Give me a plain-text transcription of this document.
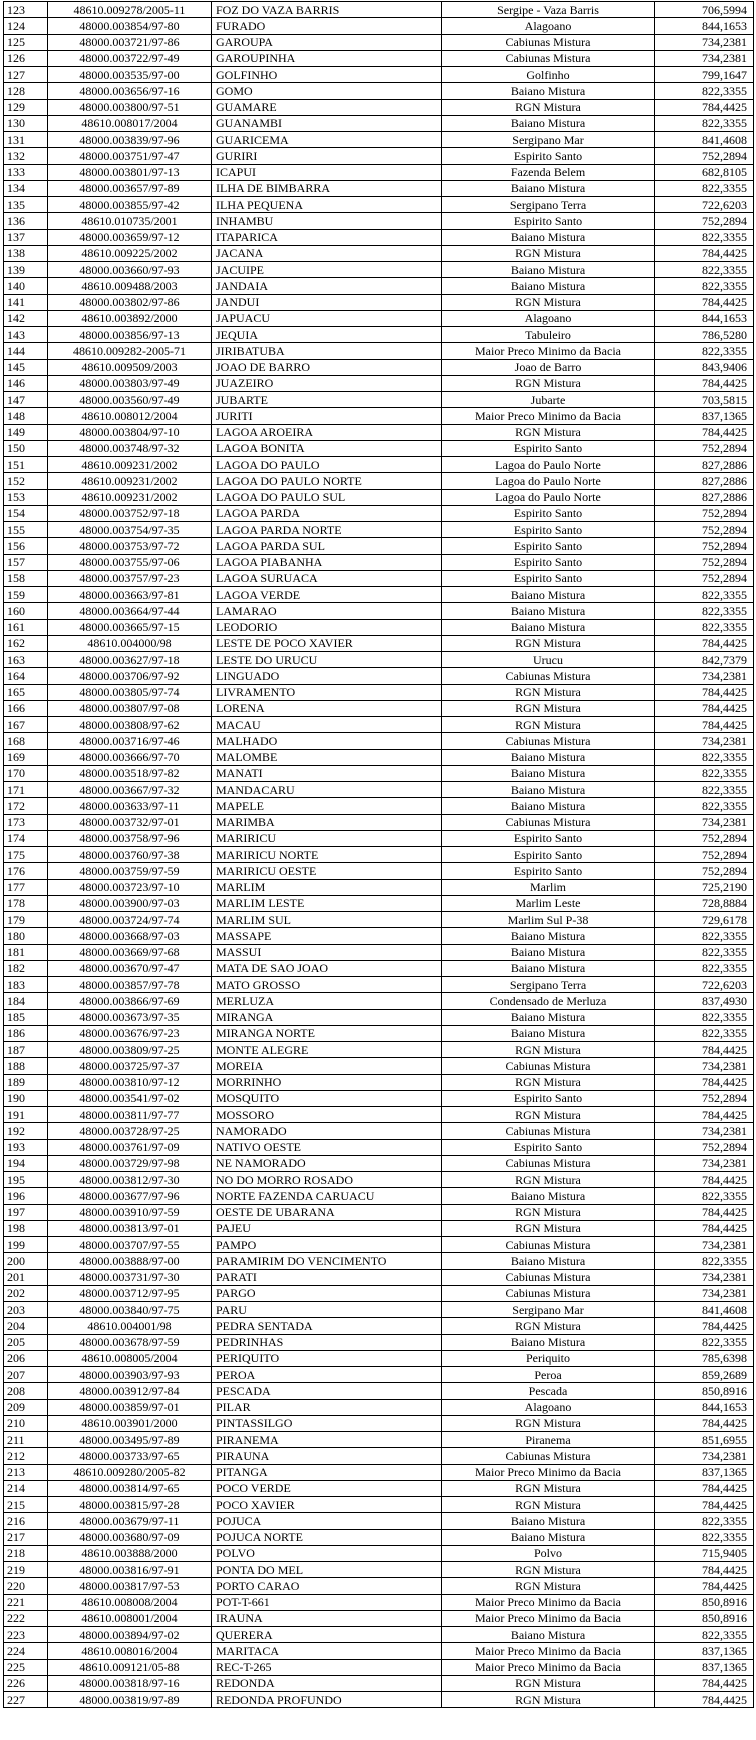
123	48610.009278/2005-11	FOZ DO VAZA BARRIS	Sergipe - Vaza Barris	706,5994
124	48000.003854/97-80	FURADO	Alagoano	844,1653
125	48000.003721/97-86	GAROUPA	Cabiunas Mistura	734,2381
126	48000.003722/97-49	GAROUPINHA	Cabiunas Mistura	734,2381
127	48000.003535/97-00	GOLFINHO	Golfinho	799,1647
128	48000.003656/97-16	GOMO	Baiano Mistura	822,3355
129	48000.003800/97-51	GUAMARE	RGN Mistura	784,4425
130	48610.008017/2004	GUANAMBI	Baiano Mistura	822,3355
131	48000.003839/97-96	GUARICEMA	Sergipano Mar	841,4608
132	48000.003751/97-47	GURIRI	Espirito Santo	752,2894
133	48000.003801/97-13	ICAPUI	Fazenda Belem	682,8105
134	48000.003657/97-89	ILHA DE BIMBARRA	Baiano Mistura	822,3355
135	48000.003855/97-42	ILHA PEQUENA	Sergipano Terra	722,6203
136	48610.010735/2001	INHAMBU	Espirito Santo	752,2894
137	48000.003659/97-12	ITAPARICA	Baiano Mistura	822,3355
138	48610.009225/2002	JACANA	RGN Mistura	784,4425
139	48000.003660/97-93	JACUIPE	Baiano Mistura	822,3355
140	48610.009488/2003	JANDAIA	Baiano Mistura	822,3355
141	48000.003802/97-86	JANDUI	RGN Mistura	784,4425
142	48610.003892/2000	JAPUACU	Alagoano	844,1653
143	48000.003856/97-13	JEQUIA	Tabuleiro	786,5280
144	48610.009282-2005-71	JIRIBATUBA	Maior Preco Minimo da Bacia	822,3355
145	48610.009509/2003	JOAO DE BARRO	Joao de Barro	843,9406
146	48000.003803/97-49	JUAZEIRO	RGN Mistura	784,4425
147	48000.003560/97-49	JUBARTE	Jubarte	703,5815
148	48610.008012/2004	JURITI	Maior Preco Minimo da Bacia	837,1365
149	48000.003804/97-10	LAGOA AROEIRA	RGN Mistura	784,4425
150	48000.003748/97-32	LAGOA BONITA	Espirito Santo	752,2894
151	48610.009231/2002	LAGOA DO PAULO	Lagoa do Paulo Norte	827,2886
152	48610.009231/2002	LAGOA DO PAULO NORTE	Lagoa do Paulo Norte	827,2886
153	48610.009231/2002	LAGOA DO PAULO SUL	Lagoa do Paulo Norte	827,2886
154	48000.003752/97-18	LAGOA PARDA	Espirito Santo	752,2894
155	48000.003754/97-35	LAGOA PARDA NORTE	Espirito Santo	752,2894
156	48000.003753/97-72	LAGOA PARDA SUL	Espirito Santo	752,2894
157	48000.003755/97-06	LAGOA PIABANHA	Espirito Santo	752,2894
158	48000.003757/97-23	LAGOA SURUACA	Espirito Santo	752,2894
159	48000.003663/97-81	LAGOA VERDE	Baiano Mistura	822,3355
160	48000.003664/97-44	LAMARAO	Baiano Mistura	822,3355
161	48000.003665/97-15	LEODORIO	Baiano Mistura	822,3355
162	48610.004000/98	LESTE DE POCO XAVIER	RGN Mistura	784,4425
163	48000.003627/97-18	LESTE DO URUCU	Urucu	842,7379
164	48000.003706/97-92	LINGUADO	Cabiunas Mistura	734,2381
165	48000.003805/97-74	LIVRAMENTO	RGN Mistura	784,4425
166	48000.003807/97-08	LORENA	RGN Mistura	784,4425
167	48000.003808/97-62	MACAU	RGN Mistura	784,4425
168	48000.003716/97-46	MALHADO	Cabiunas Mistura	734,2381
169	48000.003666/97-70	MALOMBE	Baiano Mistura	822,3355
170	48000.003518/97-82	MANATI	Baiano Mistura	822,3355
171	48000.003667/97-32	MANDACARU	Baiano Mistura	822,3355
172	48000.003633/97-11	MAPELE	Baiano Mistura	822,3355
173	48000.003732/97-01	MARIMBA	Cabiunas Mistura	734,2381
174	48000.003758/97-96	MARIRICU	Espirito Santo	752,2894
175	48000.003760/97-38	MARIRICU NORTE	Espirito Santo	752,2894
176	48000.003759/97-59	MARIRICU OESTE	Espirito Santo	752,2894
177	48000.003723/97-10	MARLIM	Marlim	725,2190
178	48000.003900/97-03	MARLIM LESTE	Marlim Leste	728,8884
179	48000.003724/97-74	MARLIM SUL	Marlim Sul P-38	729,6178
180	48000.003668/97-03	MASSAPE	Baiano Mistura	822,3355
181	48000.003669/97-68	MASSUI	Baiano Mistura	822,3355
182	48000.003670/97-47	MATA DE SAO JOAO	Baiano Mistura	822,3355
183	48000.003857/97-78	MATO GROSSO	Sergipano Terra	722,6203
184	48000.003866/97-69	MERLUZA	Condensado de Merluza	837,4930
185	48000.003673/97-35	MIRANGA	Baiano Mistura	822,3355
186	48000.003676/97-23	MIRANGA NORTE	Baiano Mistura	822,3355
187	48000.003809/97-25	MONTE ALEGRE	RGN Mistura	784,4425
188	48000.003725/97-37	MOREIA	Cabiunas Mistura	734,2381
189	48000.003810/97-12	MORRINHO	RGN Mistura	784,4425
190	48000.003541/97-02	MOSQUITO	Espirito Santo	752,2894
191	48000.003811/97-77	MOSSORO	RGN Mistura	784,4425
192	48000.003728/97-25	NAMORADO	Cabiunas Mistura	734,2381
193	48000.003761/97-09	NATIVO OESTE	Espirito Santo	752,2894
194	48000.003729/97-98	NE NAMORADO	Cabiunas Mistura	734,2381
195	48000.003812/97-30	NO DO MORRO ROSADO	RGN Mistura	784,4425
196	48000.003677/97-96	NORTE FAZENDA CARUACU	Baiano Mistura	822,3355
197	48000.003910/97-59	OESTE DE UBARANA	RGN Mistura	784,4425
198	48000.003813/97-01	PAJEU	RGN Mistura	784,4425
199	48000.003707/97-55	PAMPO	Cabiunas Mistura	734,2381
200	48000.003888/97-00	PARAMIRIM DO VENCIMENTO	Baiano Mistura	822,3355
201	48000.003731/97-30	PARATI	Cabiunas Mistura	734,2381
202	48000.003712/97-95	PARGO	Cabiunas Mistura	734,2381
203	48000.003840/97-75	PARU	Sergipano Mar	841,4608
204	48610.004001/98	PEDRA SENTADA	RGN Mistura	784,4425
205	48000.003678/97-59	PEDRINHAS	Baiano Mistura	822,3355
206	48610.008005/2004	PERIQUITO	Periquito	785,6398
207	48000.003903/97-93	PEROA	Peroa	859,2689
208	48000.003912/97-84	PESCADA	Pescada	850,8916
209	48000.003859/97-01	PILAR	Alagoano	844,1653
210	48610.003901/2000	PINTASSILGO	RGN Mistura	784,4425
211	48000.003495/97-89	PIRANEMA	Piranema	851,6955
212	48000.003733/97-65	PIRAUNA	Cabiunas Mistura	734,2381
213	48610.009280/2005-82	PITANGA	Maior Preco Minimo da Bacia	837,1365
214	48000.003814/97-65	POCO VERDE	RGN Mistura	784,4425
215	48000.003815/97-28	POCO XAVIER	RGN Mistura	784,4425
216	48000.003679/97-11	POJUCA	Baiano Mistura	822,3355
217	48000.003680/97-09	POJUCA NORTE	Baiano Mistura	822,3355
218	48610.003888/2000	POLVO	Polvo	715,9405
219	48000.003816/97-91	PONTA DO MEL	RGN Mistura	784,4425
220	48000.003817/97-53	PORTO CARAO	RGN Mistura	784,4425
221	48610.008008/2004	POT-T-661	Maior Preco Minimo da Bacia	850,8916
222	48610.008001/2004	IRAUNA	Maior Preco Minimo da Bacia	850,8916
223	48000.003894/97-02	QUERERA	Baiano Mistura	822,3355
224	48610.008016/2004	MARITACA	Maior Preco Minimo da Bacia	837,1365
225	48610.009121/05-88	REC-T-265	Maior Preco Minimo da Bacia	837,1365
226	48000.003818/97-16	REDONDA	RGN Mistura	784,4425
227	48000.003819/97-89	REDONDA PROFUNDO	RGN Mistura	784,4425
